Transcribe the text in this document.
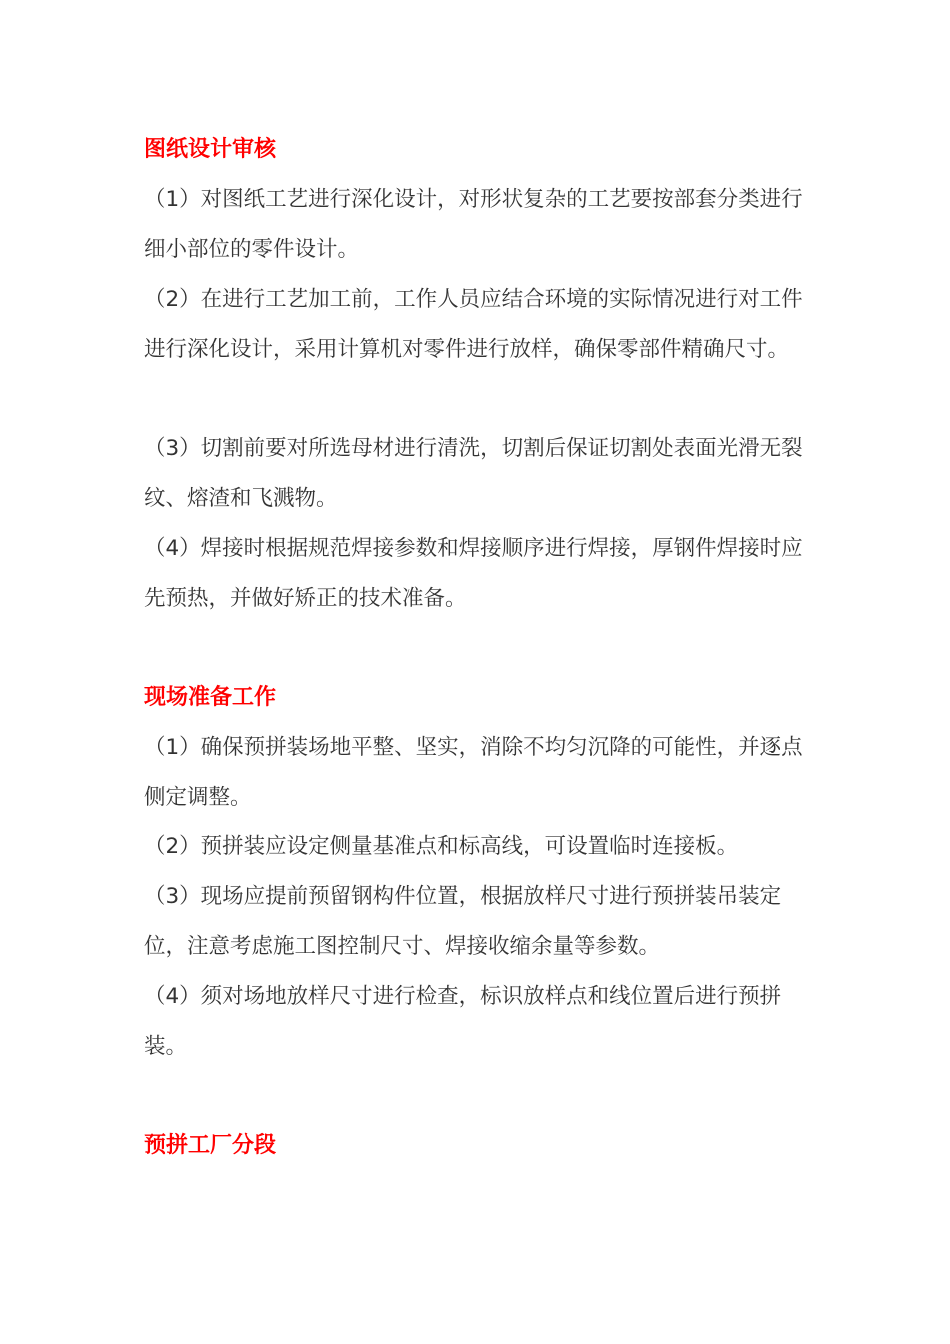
图纸设计审核

（1）对图纸工艺进行深化设计，对形状复杂的工艺要按部套分类进行细小部位的零件设计。

（2）在进行工艺加工前，工作人员应结合环境的实际情况进行对工件进行深化设计，采用计算机对零件进行放样，确保零部件精确尺寸。

（3）切割前要对所选母材进行清洗，切割后保证切割处表面光滑无裂纹、熔渣和飞溅物。

（4）焊接时根据规范焊接参数和焊接顺序进行焊接，厚钢件焊接时应先预热，并做好矫正的技术准备。

现场准备工作

（1）确保预拼装场地平整、坚实，消除不均匀沉降的可能性，并逐点侧定调整。

（2）预拼装应设定侧量基准点和标高线，可设置临时连接板。

（3）现场应提前预留钢构件位置，根据放样尺寸进行预拼装吊装定位，注意考虑施工图控制尺寸、焊接收缩余量等参数。

（4）须对场地放样尺寸进行检查，标识放样点和线位置后进行预拼装。

预拼工厂分段
